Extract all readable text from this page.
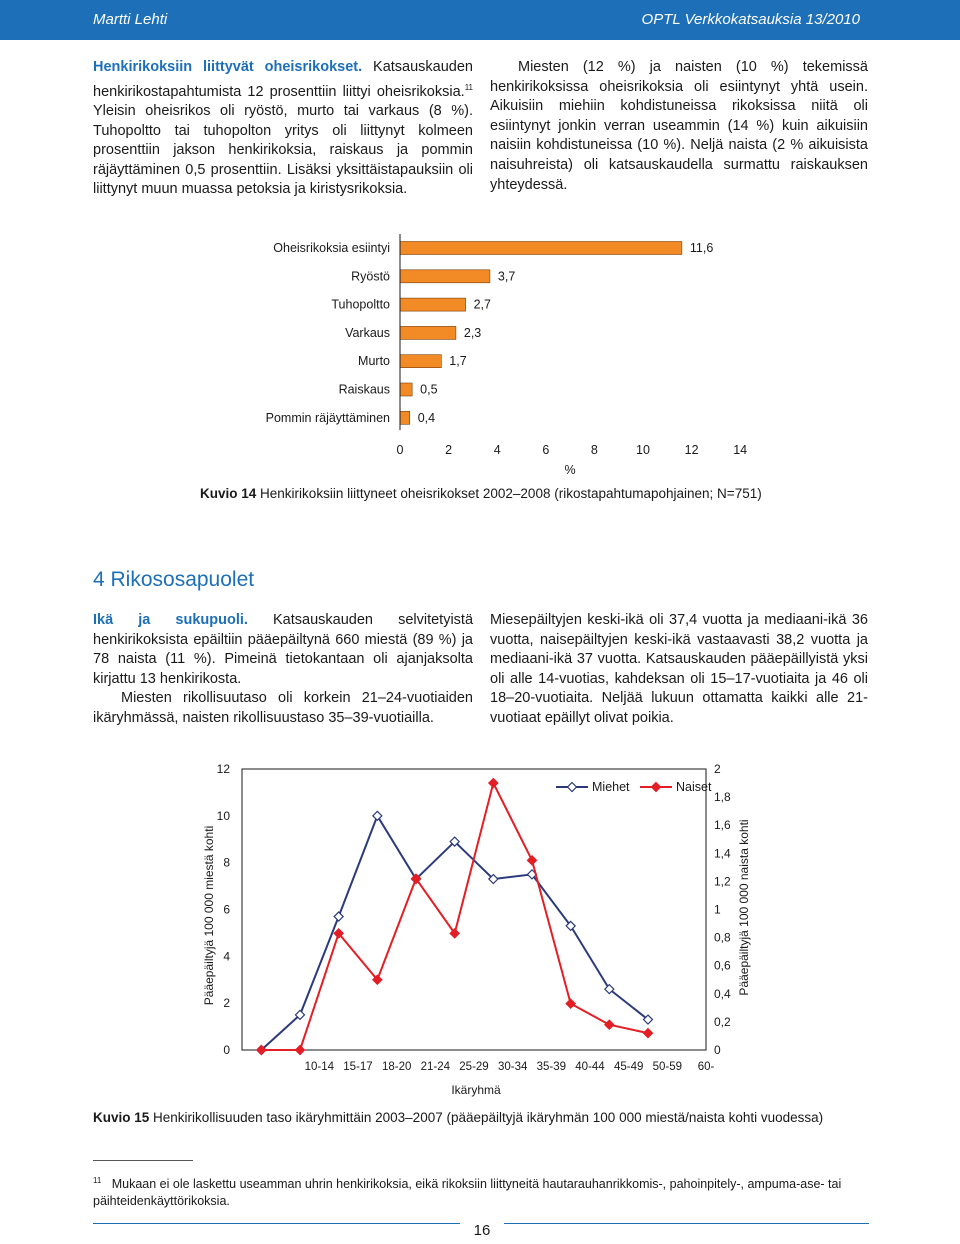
Martti Lehti	OPTL Verkkokatsauksia 13/2010

Henkirikoksiin liittyvät oheisrikokset. Katsauskauden henkirikostapahtumista 12 prosenttiin liittyi oheisrikoksia.$^{11}$ Yleisin oheisrikos oli ryöstö, murto tai varkaus (8 %). Tuhopoltto tai tuhopolton yritys oli liittynyt kolmeen prosenttiin jakson henkirikoksia, raiskaus ja pommin räjäyttäminen 0,5 prosenttiin. Lisäksi yksittäistapauksiin oli liittynyt muun muassa petoksia ja kiristysrikoksia.

Miesten (12 %) ja naisten (10 %) tekemissä henkirikoksissa oheisrikoksia oli esiintynyt yhtä usein. Aikuisiin miehiin kohdistuneissa rikoksissa niitä oli esiintynyt jonkin verran useammin (14 %) kuin aikuisiin naisiin kohdistuneissa (10 %). Neljä naista (2 % aikuisista naisuhreista) oli katsauskaudella surmattu raiskauksen yhteydessä.

Oheisrikoksia esiintyi	11,6
Ryöstö	3,7
Tuhopoltto	2,7
Varkaus	2,3
Murto	1,7
Raiskaus 0,5
Pommin räjäyttäminen 0,4
0	2	4	6	8	10	12	14
%
Kuvio 14 Henkirikoksiin liittyneet oheisrikokset 2002–2008 (rikostapahtumapohjainen; N=751)
4 Rikososapuolet

Ikä ja sukupuoli. Katsauskauden selvitetyistä henkirikoksista epäiltiin pääepäiltynä 660 miestä (89 %) ja 78 naista (11 %). Pimeinä tietokantaan oli ajanjaksolta kirjattu 13 henkirikosta.

Miesten rikollisuutaso oli korkein 21–24-vuotiaiden ikäryhmässä, naisten rikollisuustaso 35–39-vuotiailla.

Miesepäiltyjen keski-ikä oli 37,4 vuotta ja mediaani-ikä 36 vuotta, naisepäiltyjen keski-ikä vastaavasti 38,2 vuotta ja mediaani-ikä 37 vuotta. Katsauskauden pääepäillyistä yksi oli alle 14-vuotias, kahdeksan oli 15–17-vuotiaita ja 46 oli 18–20-vuotiaita. Neljää lukuun ottamatta kaikki alle 21-vuotiaat epäillyt olivat poikia.

0
2
4
6
8
10
12
0
0,2
0,4
0,6
0,8
1
1,2
1,4
1,6
1,8
2
10-14 15-17 18-20 21-24 25-29 30-34 35-39 40-44 45-49 50-59 60-
Ikäryhmä
Pääepäiltyjä 100 000 miestä kohti	Pääepäiltyjä 100 000 naista kohti
Miehet	Naiset
Kuvio 15 Henkirikollisuuden taso ikäryhmittäin 2003–2007 (pääepäiltyjä ikäryhmän 100 000 miestä/naista kohti vuodessa)
$^{11}$ Mukaan ei ole laskettu useamman uhrin henkirikoksia, eikä rikoksiin liittyneitä hautarauhanrikkomis-, pahoinpitely-, ampuma-ase- tai päihteidenkäyttörikoksia.
16
